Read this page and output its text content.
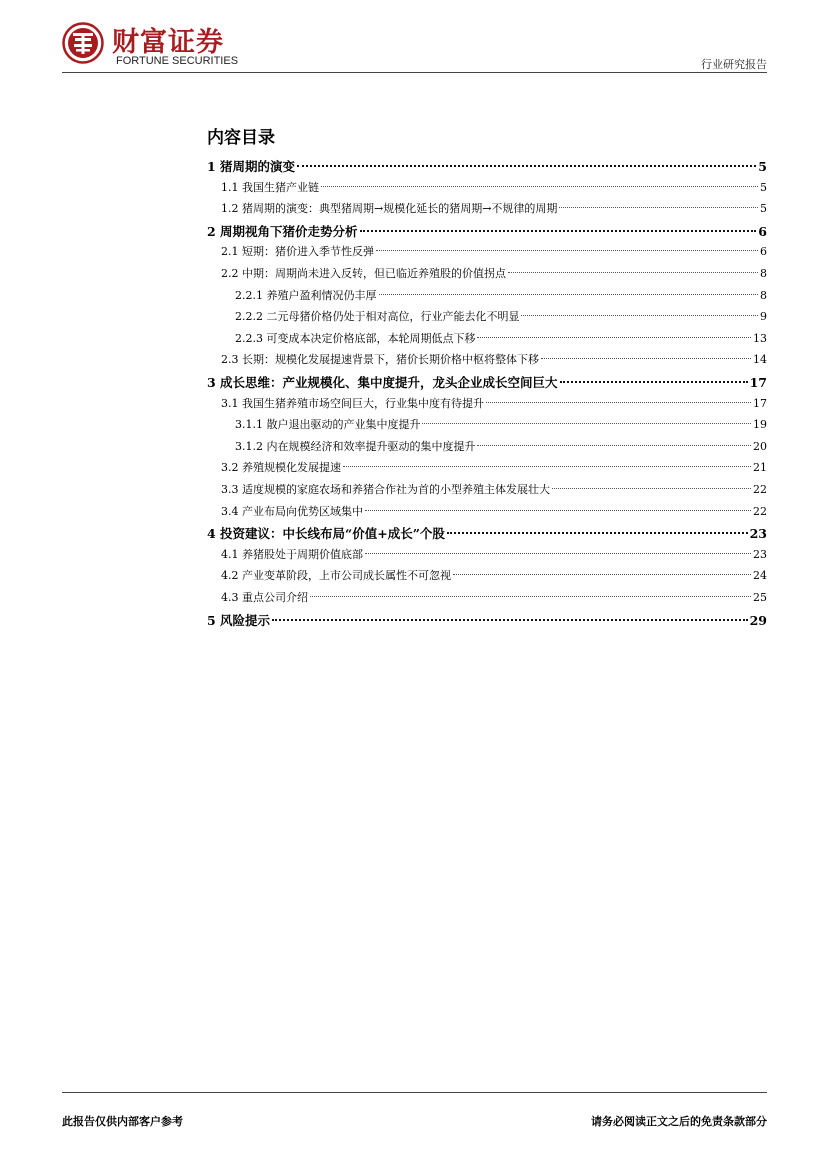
财富证券
FORTUNE SECURITIES	行业研究报告
内容目录
1 猪周期的演变	5
1.1 我国生猪产业链	5
1.2 猪周期的演变：典型猪周期→规模化延长的猪周期→不规律的周期	5
2 周期视角下猪价走势分析	6
2.1 短期：猪价进入季节性反弹	6
2.2 中期：周期尚未进入反转，但已临近养殖股的价值拐点	8
2.2.1 养殖户盈利情况仍丰厚	8
2.2.2 二元母猪价格仍处于相对高位，行业产能去化不明显	9
2.2.3 可变成本决定价格底部，本轮周期低点下移	13
2.3 长期：规模化发展提速背景下，猪价长期价格中枢将整体下移	14
3 成长思维：产业规模化、集中度提升，龙头企业成长空间巨大	17
3.1 我国生猪养殖市场空间巨大，行业集中度有待提升	17
3.1.1 散户退出驱动的产业集中度提升	19
3.1.2 内在规模经济和效率提升驱动的集中度提升	20
3.2 养殖规模化发展提速	21
3.3 适度规模的家庭农场和养猪合作社为首的小型养殖主体发展壮大	22
3.4 产业布局向优势区域集中	22
4 投资建议：中长线布局“价值+成长”个股	23
4.1 养猪股处于周期价值底部	23
4.2 产业变革阶段，上市公司成长属性不可忽视	24
4.3 重点公司介绍	25
5 风险提示	29
此报告仅供内部客户参考	请务必阅读正文之后的免责条款部分
